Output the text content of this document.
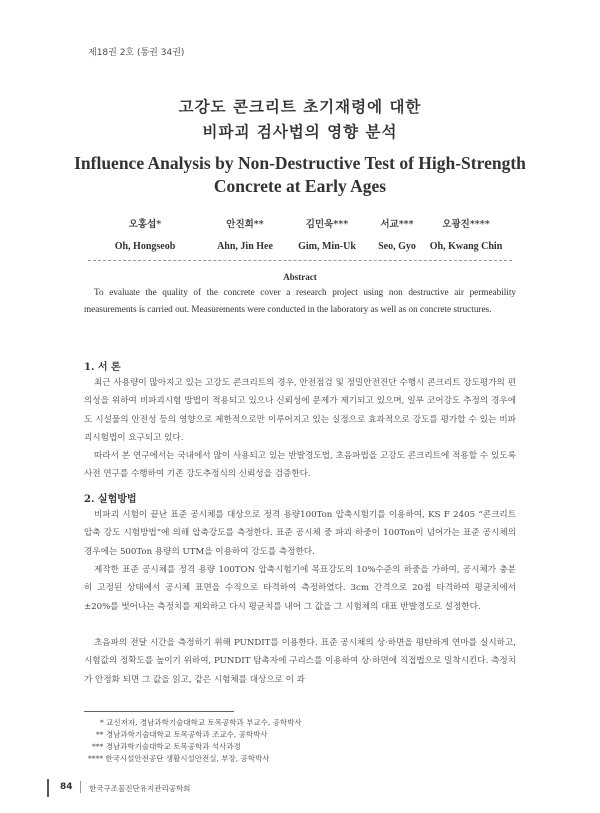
제18권 2호 (통권 34권)
고강도 콘크리트 초기재령에 대한
비파괴 검사법의 영향 분석
Influence Analysis by Non-Destructive Test of High-Strength
Concrete at Early Ages
오홍섭*
Oh, Hongseob
안진희**
Ahn, Jin Hee
김민욱***
Gim, Min-Uk
서교***
Seo, Gyo
오광진****
Oh, Kwang Chin
Abstract
To evaluate the quality of the concrete cover a research project using non destructive air permeability measurements is carried out. Measurements were conducted in the laboratory as well as on concrete structures.
1. 서 론
최근 사용량이 많아지고 있는 고강도 콘크리트의 경우, 안전점검 및 정밀안전진단 수행시 콘크리트 강도평가의 편의성을 위하여 비파괴시험 방법이 적용되고 있으나 신뢰성에 문제가 제기되고 있으며, 일부 코어강도 추정의 경우에도 시설물의 안전성 등의 영향으로 제한적으로만 이루어지고 있는 실정으로 효과적으로 강도를 평가할 수 있는 비파괴시험법이 요구되고 있다.
따라서 본 연구에서는 국내에서 많이 사용되고 있는 반발경도법, 초음파법을 고강도 콘크리트에 적용할 수 있도록 사전 연구를 수행하여 기존 강도추정식의 신뢰성을 검증한다.
2. 실험방법
비파괴 시험이 끝난 표준 공시체를 대상으로 정격 용량100Ton 압축시험기를 이용하여, KS F 2405 “콘크리트 압축 강도 시험방법”에 의해 압축강도를 측정한다. 표준 공시체 중 파괴 하중이 100Ton이 넘어가는 표준 공시체의 경우에는 500Ton 용량의 UTM을 이용하여 강도를 측정한다.
제작한 표준 공시체를 정격 용량 100TON 압축시험기에 목표강도의 10%수준의 하중을 가하여, 공시체가 충분히 고정된 상태에서 공시체 표면을 수직으로 타격하여 측정하였다. 3cm 간격으로 20점 타격하여 평균치에서 ±20%를 벗어나는 측정치를 제외하고 다시 평균치를 내어 그 값을 그 시험체의 대표 반발경도로 설정한다.
초음파의 전달 시간을 측정하기 위해 PUNDIT를 이용한다. 표준 공시체의 상·하면을 평탄하게 연마를 실시하고, 시험값의 정확도를 높이기 위하여, PUNDIT 탐촉자에 구리스를 이용하여 상·하면에 직접법으로 밀착시킨다. 측정치가 안정화 되면 그 값을 읽고, 같은 시험체를 대상으로 이 과
* 교신저자, 경남과학기술대학교 토목공학과 부교수, 공학박사
** 경남과학기술대학교 토목공학과 조교수, 공학박사
*** 경남과학기술대학교 토목공학과 석사과정
**** 한국시설안전공단 생활시설안전실, 부장, 공학박사
84 한국구조물진단유지관리공학회
